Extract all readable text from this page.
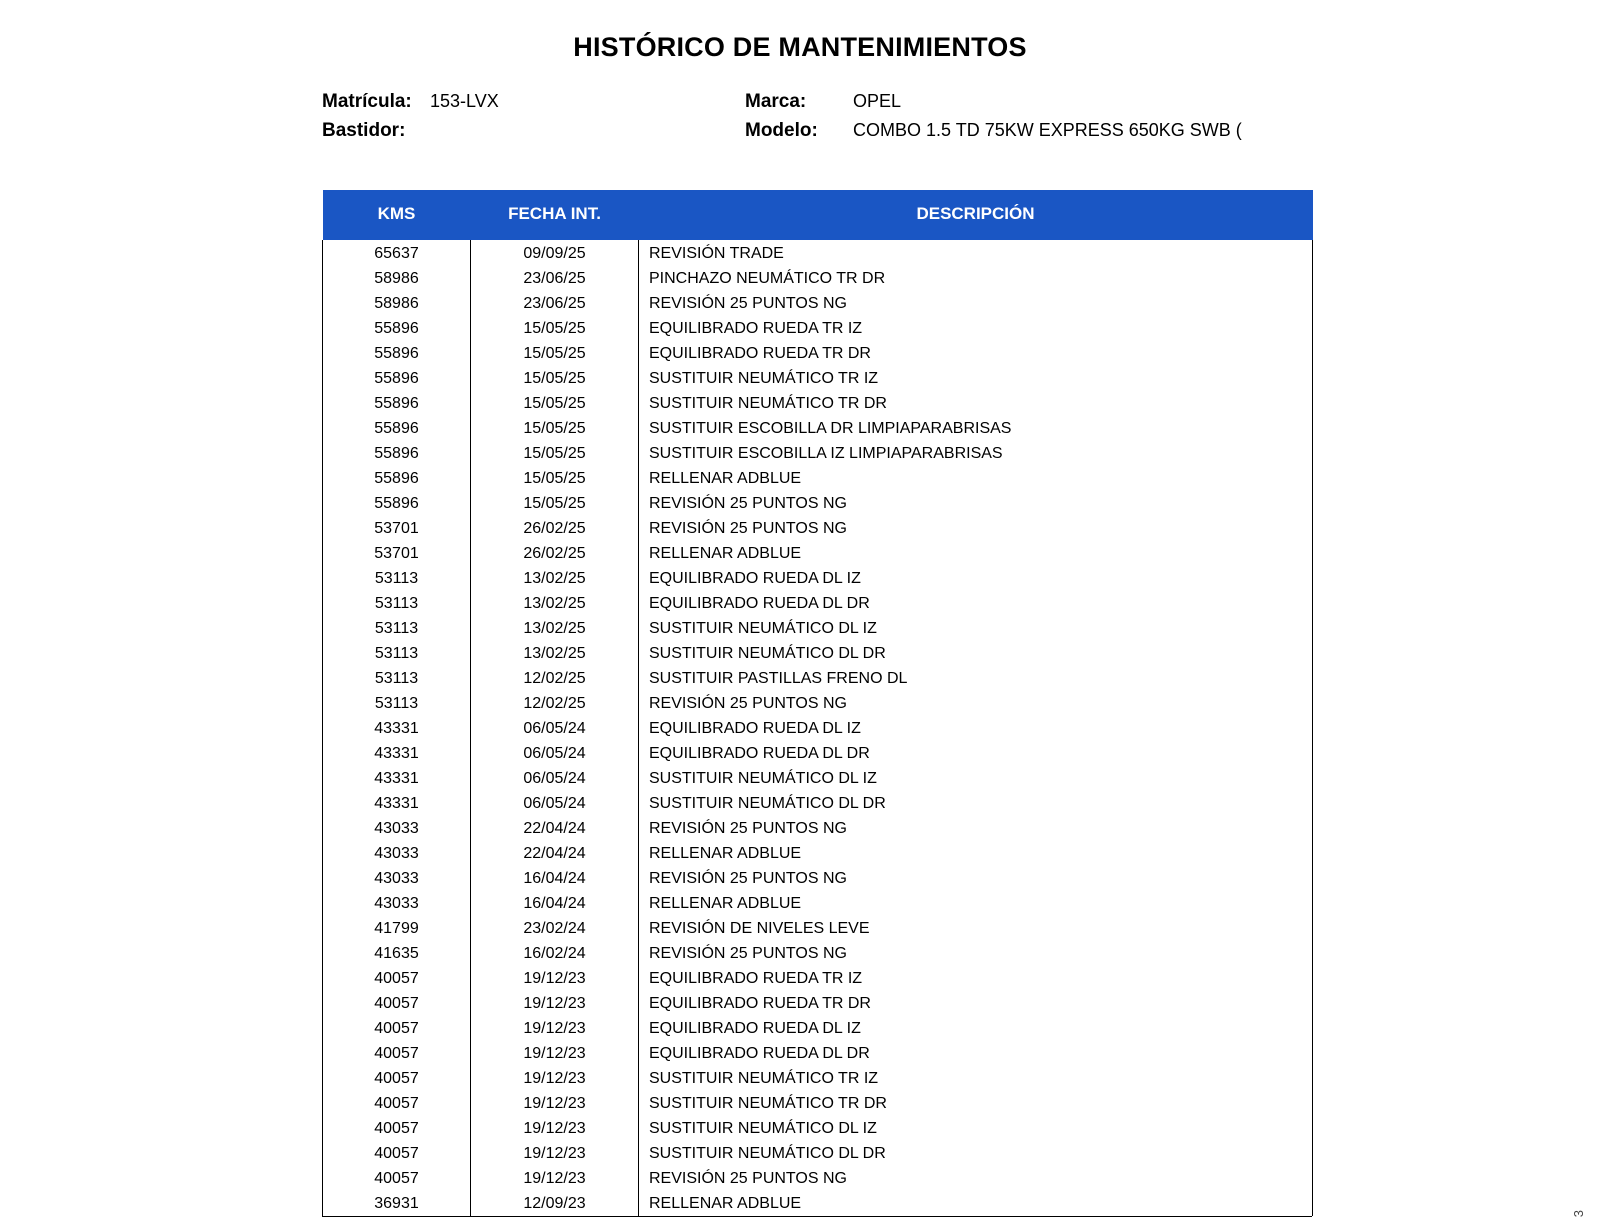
HISTÓRICO DE MANTENIMIENTOS
Matrícula:	153-LVX
Bastidor:
Marca:	OPEL
Modelo:	COMBO 1.5 TD 75KW EXPRESS 650KG SWB (
KMS	FECHA INT.	DESCRIPCIÓN
65637	09/09/25	REVISIÓN TRADE
58986	23/06/25	PINCHAZO NEUMÁTICO TR DR
58986	23/06/25	REVISIÓN 25 PUNTOS NG
55896	15/05/25	EQUILIBRADO RUEDA TR IZ
55896	15/05/25	EQUILIBRADO RUEDA TR DR
55896	15/05/25	SUSTITUIR NEUMÁTICO TR IZ
55896	15/05/25	SUSTITUIR NEUMÁTICO TR DR
55896	15/05/25	SUSTITUIR ESCOBILLA DR LIMPIAPARABRISAS
55896	15/05/25	SUSTITUIR ESCOBILLA IZ LIMPIAPARABRISAS
55896	15/05/25	RELLENAR ADBLUE
55896	15/05/25	REVISIÓN 25 PUNTOS NG
53701	26/02/25	REVISIÓN 25 PUNTOS NG
53701	26/02/25	RELLENAR ADBLUE
53113	13/02/25	EQUILIBRADO RUEDA DL IZ
53113	13/02/25	EQUILIBRADO RUEDA DL DR
53113	13/02/25	SUSTITUIR NEUMÁTICO DL IZ
53113	13/02/25	SUSTITUIR NEUMÁTICO DL DR
53113	12/02/25	SUSTITUIR PASTILLAS FRENO DL
53113	12/02/25	REVISIÓN 25 PUNTOS NG
43331	06/05/24	EQUILIBRADO RUEDA DL IZ
43331	06/05/24	EQUILIBRADO RUEDA DL DR
43331	06/05/24	SUSTITUIR NEUMÁTICO DL IZ
43331	06/05/24	SUSTITUIR NEUMÁTICO DL DR
43033	22/04/24	REVISIÓN 25 PUNTOS NG
43033	22/04/24	RELLENAR ADBLUE
43033	16/04/24	REVISIÓN 25 PUNTOS NG
43033	16/04/24	RELLENAR ADBLUE
41799	23/02/24	REVISIÓN DE NIVELES LEVE
41635	16/02/24	REVISIÓN 25 PUNTOS NG
40057	19/12/23	EQUILIBRADO RUEDA TR IZ
40057	19/12/23	EQUILIBRADO RUEDA TR DR
40057	19/12/23	EQUILIBRADO RUEDA DL IZ
40057	19/12/23	EQUILIBRADO RUEDA DL DR
40057	19/12/23	SUSTITUIR NEUMÁTICO TR IZ
40057	19/12/23	SUSTITUIR NEUMÁTICO TR DR
40057	19/12/23	SUSTITUIR NEUMÁTICO DL IZ
40057	19/12/23	SUSTITUIR NEUMÁTICO DL DR
40057	19/12/23	REVISIÓN 25 PUNTOS NG
36931	12/09/23	RELLENAR ADBLUE
3
